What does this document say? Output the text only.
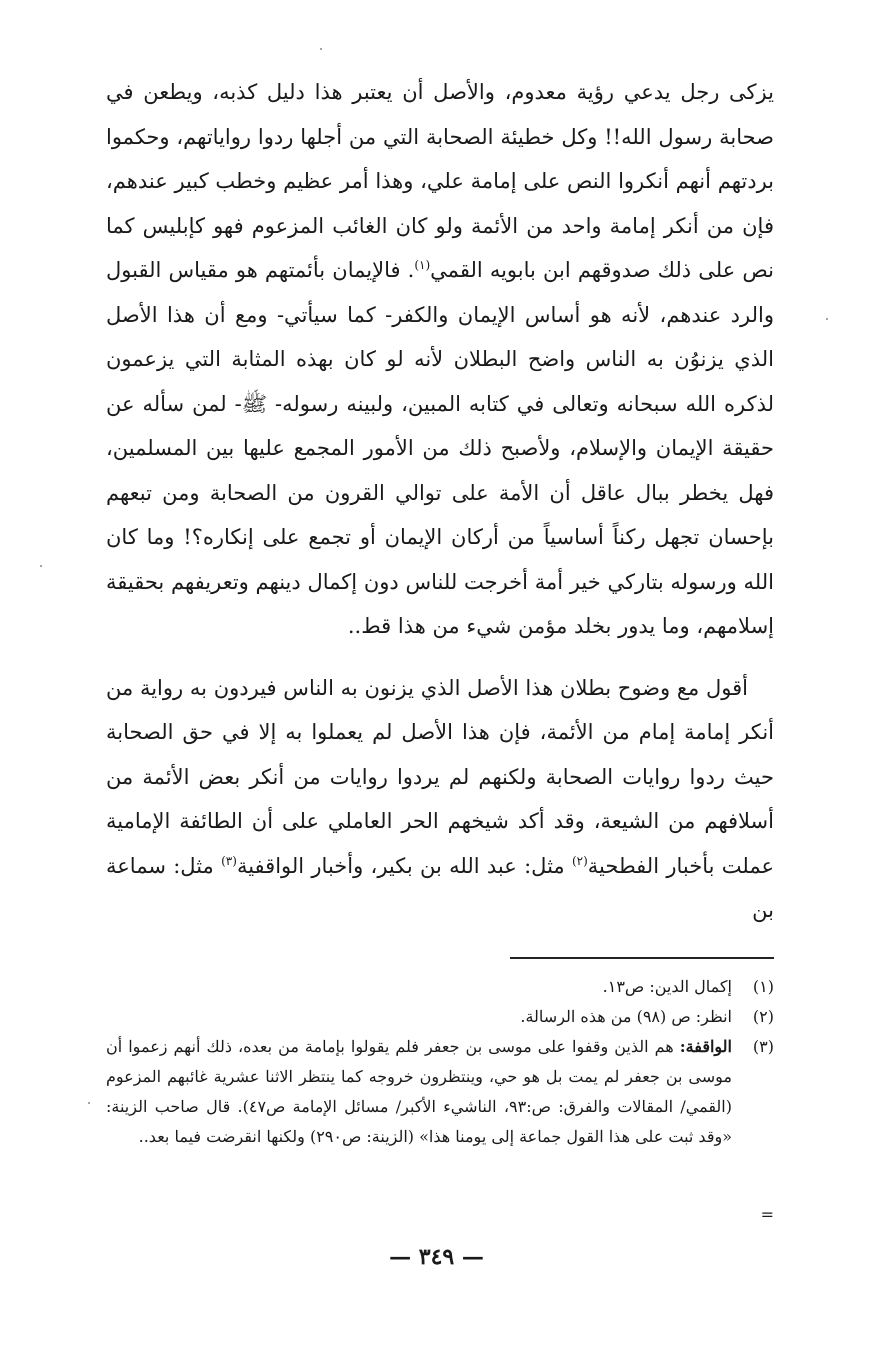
يزكى رجل يدعي رؤية معدوم، والأصل أن يعتبر هذا دليل كذبه، ويطعن في صحابة رسول الله!! وكل خطيئة الصحابة التي من أجلها ردوا رواياتهم، وحكموا بردتهم أنهم أنكروا النص على إمامة علي، وهذا أمر عظيم وخطب كبير عندهم، فإن من أنكر إمامة واحد من الأئمة ولو كان الغائب المزعوم فهو كإبليس كما نص على ذلك صدوقهم ابن بابويه القمي$^{(١)}$. فالإيمان بأئمتهم هو مقياس القبول والرد عندهم، لأنه هو أساس الإيمان والكفر- كما سيأتي- ومع أن هذا الأصل الذي يزنوُن به الناس واضح البطلان لأنه لو كان بهذه المثابة التي يزعمون لذكره الله سبحانه وتعالى في كتابه المبين، ولبينه رسوله- ﷺ- لمن سأله عن حقيقة الإيمان والإسلام، ولأصبح ذلك من الأمور المجمع عليها بين المسلمين، فهل يخطر ببال عاقل أن الأمة على توالي القرون من الصحابة ومن تبعهم بإحسان تجهل ركناً أساسياً من أركان الإيمان أو تجمع على إنكاره؟! وما كان الله ورسوله بتاركي خير أمة أخرجت للناس دون إكمال دينهم وتعريفهم بحقيقة إسلامهم، وما يدور بخلد مؤمن شيء من هذا قط..

أقول مع وضوح بطلان هذا الأصل الذي يزنون به الناس فيردون به رواية من أنكر إمامة إمام من الأئمة، فإن هذا الأصل لم يعملوا به إلا في حق الصحابة حيث ردوا روايات الصحابة ولكنهم لم يردوا روايات من أنكر بعض الأئمة من أسلافهم من الشيعة، وقد أكد شيخهم الحر العاملي على أن الطائفة الإمامية عملت بأخبار الفطحية$^{(٢)}$ مثل: عبد الله بن بكير، وأخبار الواقفية$^{(٣)}$ مثل: سماعة بن

(١)
إكمال الدين: ص١٣.
(٢)
انظر: ص (٩٨) من هذه الرسالة.
(٣)
الواقفة: هم الذين وقفوا على موسى بن جعفر فلم يقولوا بإمامة من بعده، ذلك أنهم زعموا أن موسى بن جعفر لم يمت بل هو حي، وينتظرون خروجه كما ينتظر الاثنا عشرية غائبهم المزعوم (القمي/ المقالات والفرق: ص:٩٣، الناشيء الأكبر/ مسائل الإمامة ص٤٧). قال صاحب الزينة: «وقد ثبت على هذا القول جماعة إلى يومنا هذا» (الزينة: ص٢٩٠) ولكنها انقرضت فيما بعد..
=
— ٣٤٩ —
